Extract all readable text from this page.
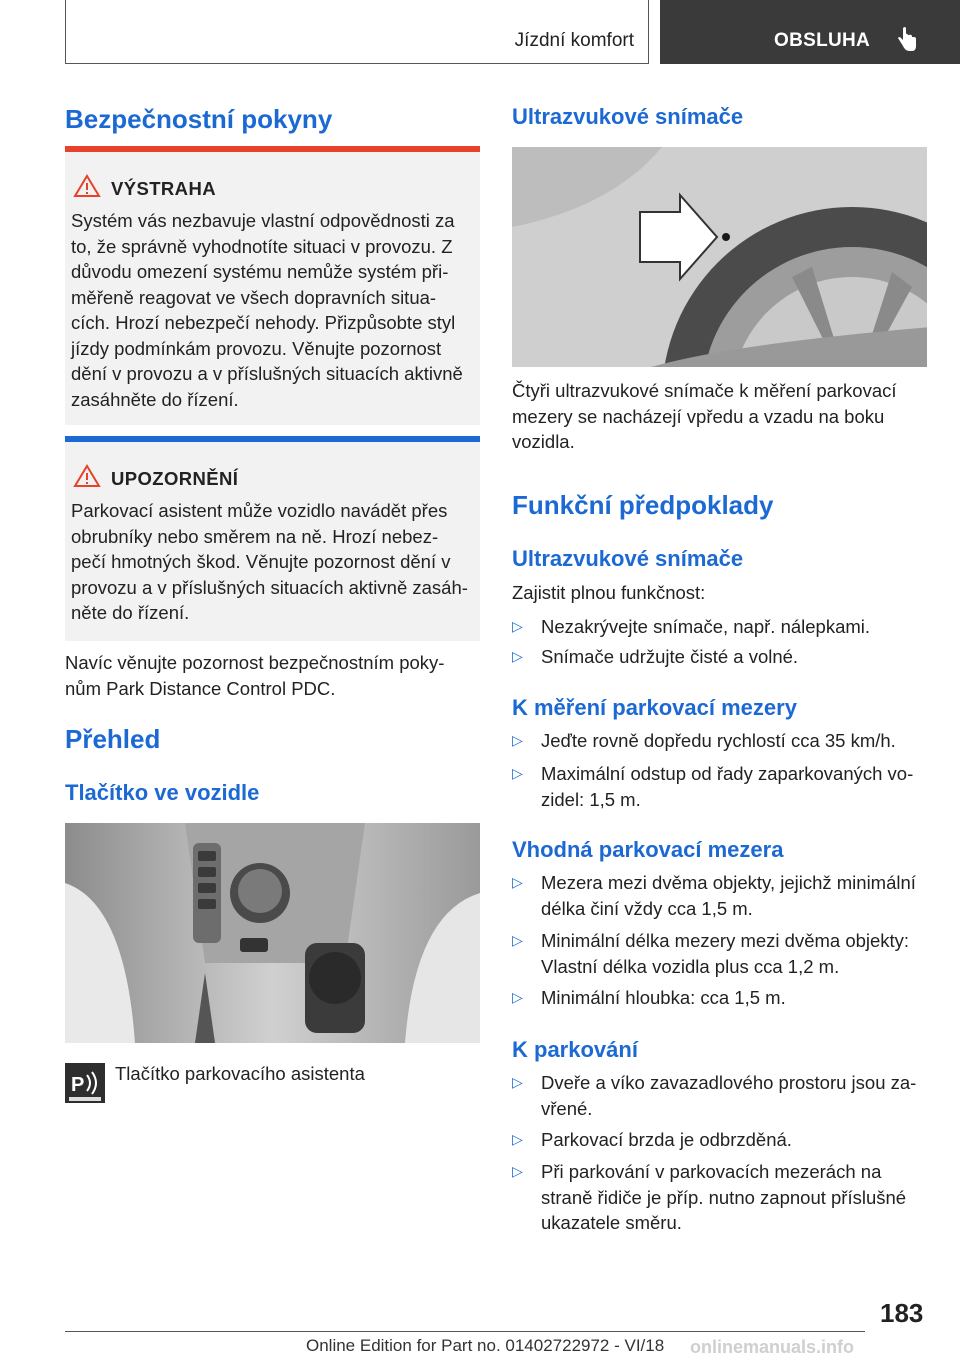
Jízdní komfort	OBSLUHA
Bezpečnostní pokyny
VÝSTRAHA
Systém vás nezbavuje vlastní odpovědnosti za
to, že správně vyhodnotíte situaci v provozu. Z
důvodu omezení systému nemůže systém při-
měřeně reagovat ve všech dopravních situa-
cích. Hrozí nebezpečí nehody. Přizpůsobte styl
jízdy podmínkám provozu. Věnujte pozornost
dění v provozu a v příslušných situacích aktivně
zasáhněte do řízení.
UPOZORNĚNÍ
Parkovací asistent může vozidlo navádět přes
obrubníky nebo směrem na ně. Hrozí nebez-
pečí hmotných škod. Věnujte pozornost dění v
provozu a v příslušných situacích aktivně zasáh-
něte do řízení.
Navíc věnujte pozornost bezpečnostním poky-
nům Park Distance Control PDC.
Přehled
Tlačítko ve vozidle
P
Tlačítko parkovacího asistenta
Ultrazvukové snímače
Čtyři ultrazvukové snímače k měření parkovací
mezery se nacházejí vpředu a vzadu na boku
vozidla.
Funkční předpoklady
Ultrazvukové snímače
Zajistit plnou funkčnost:
▷ Nezakrývejte snímače, např. nálepkami.
▷ Snímače udržujte čisté a volné.
K měření parkovací mezery
▷ Jeďte rovně dopředu rychlostí cca 35 km/h.
▷ Maximální odstup od řady zaparkovaných vo-
zidel: 1,5 m.
Vhodná parkovací mezera
▷ Mezera mezi dvěma objekty, jejichž minimální
délka činí vždy cca 1,5 m.
▷ Minimální délka mezery mezi dvěma objekty:
Vlastní délka vozidla plus cca 1,2 m.
▷ Minimální hloubka: cca 1,5 m.
K parkování
▷ Dveře a víko zavazadlového prostoru jsou za-
vřené.
▷ Parkovací brzda je odbrzděná.
▷ Při parkování v parkovacích mezerách na
straně řidiče je příp. nutno zapnout příslušné
ukazatele směru.
183
Online Edition for Part no. 01402722972 - VI/18 onlinemanuals.info
